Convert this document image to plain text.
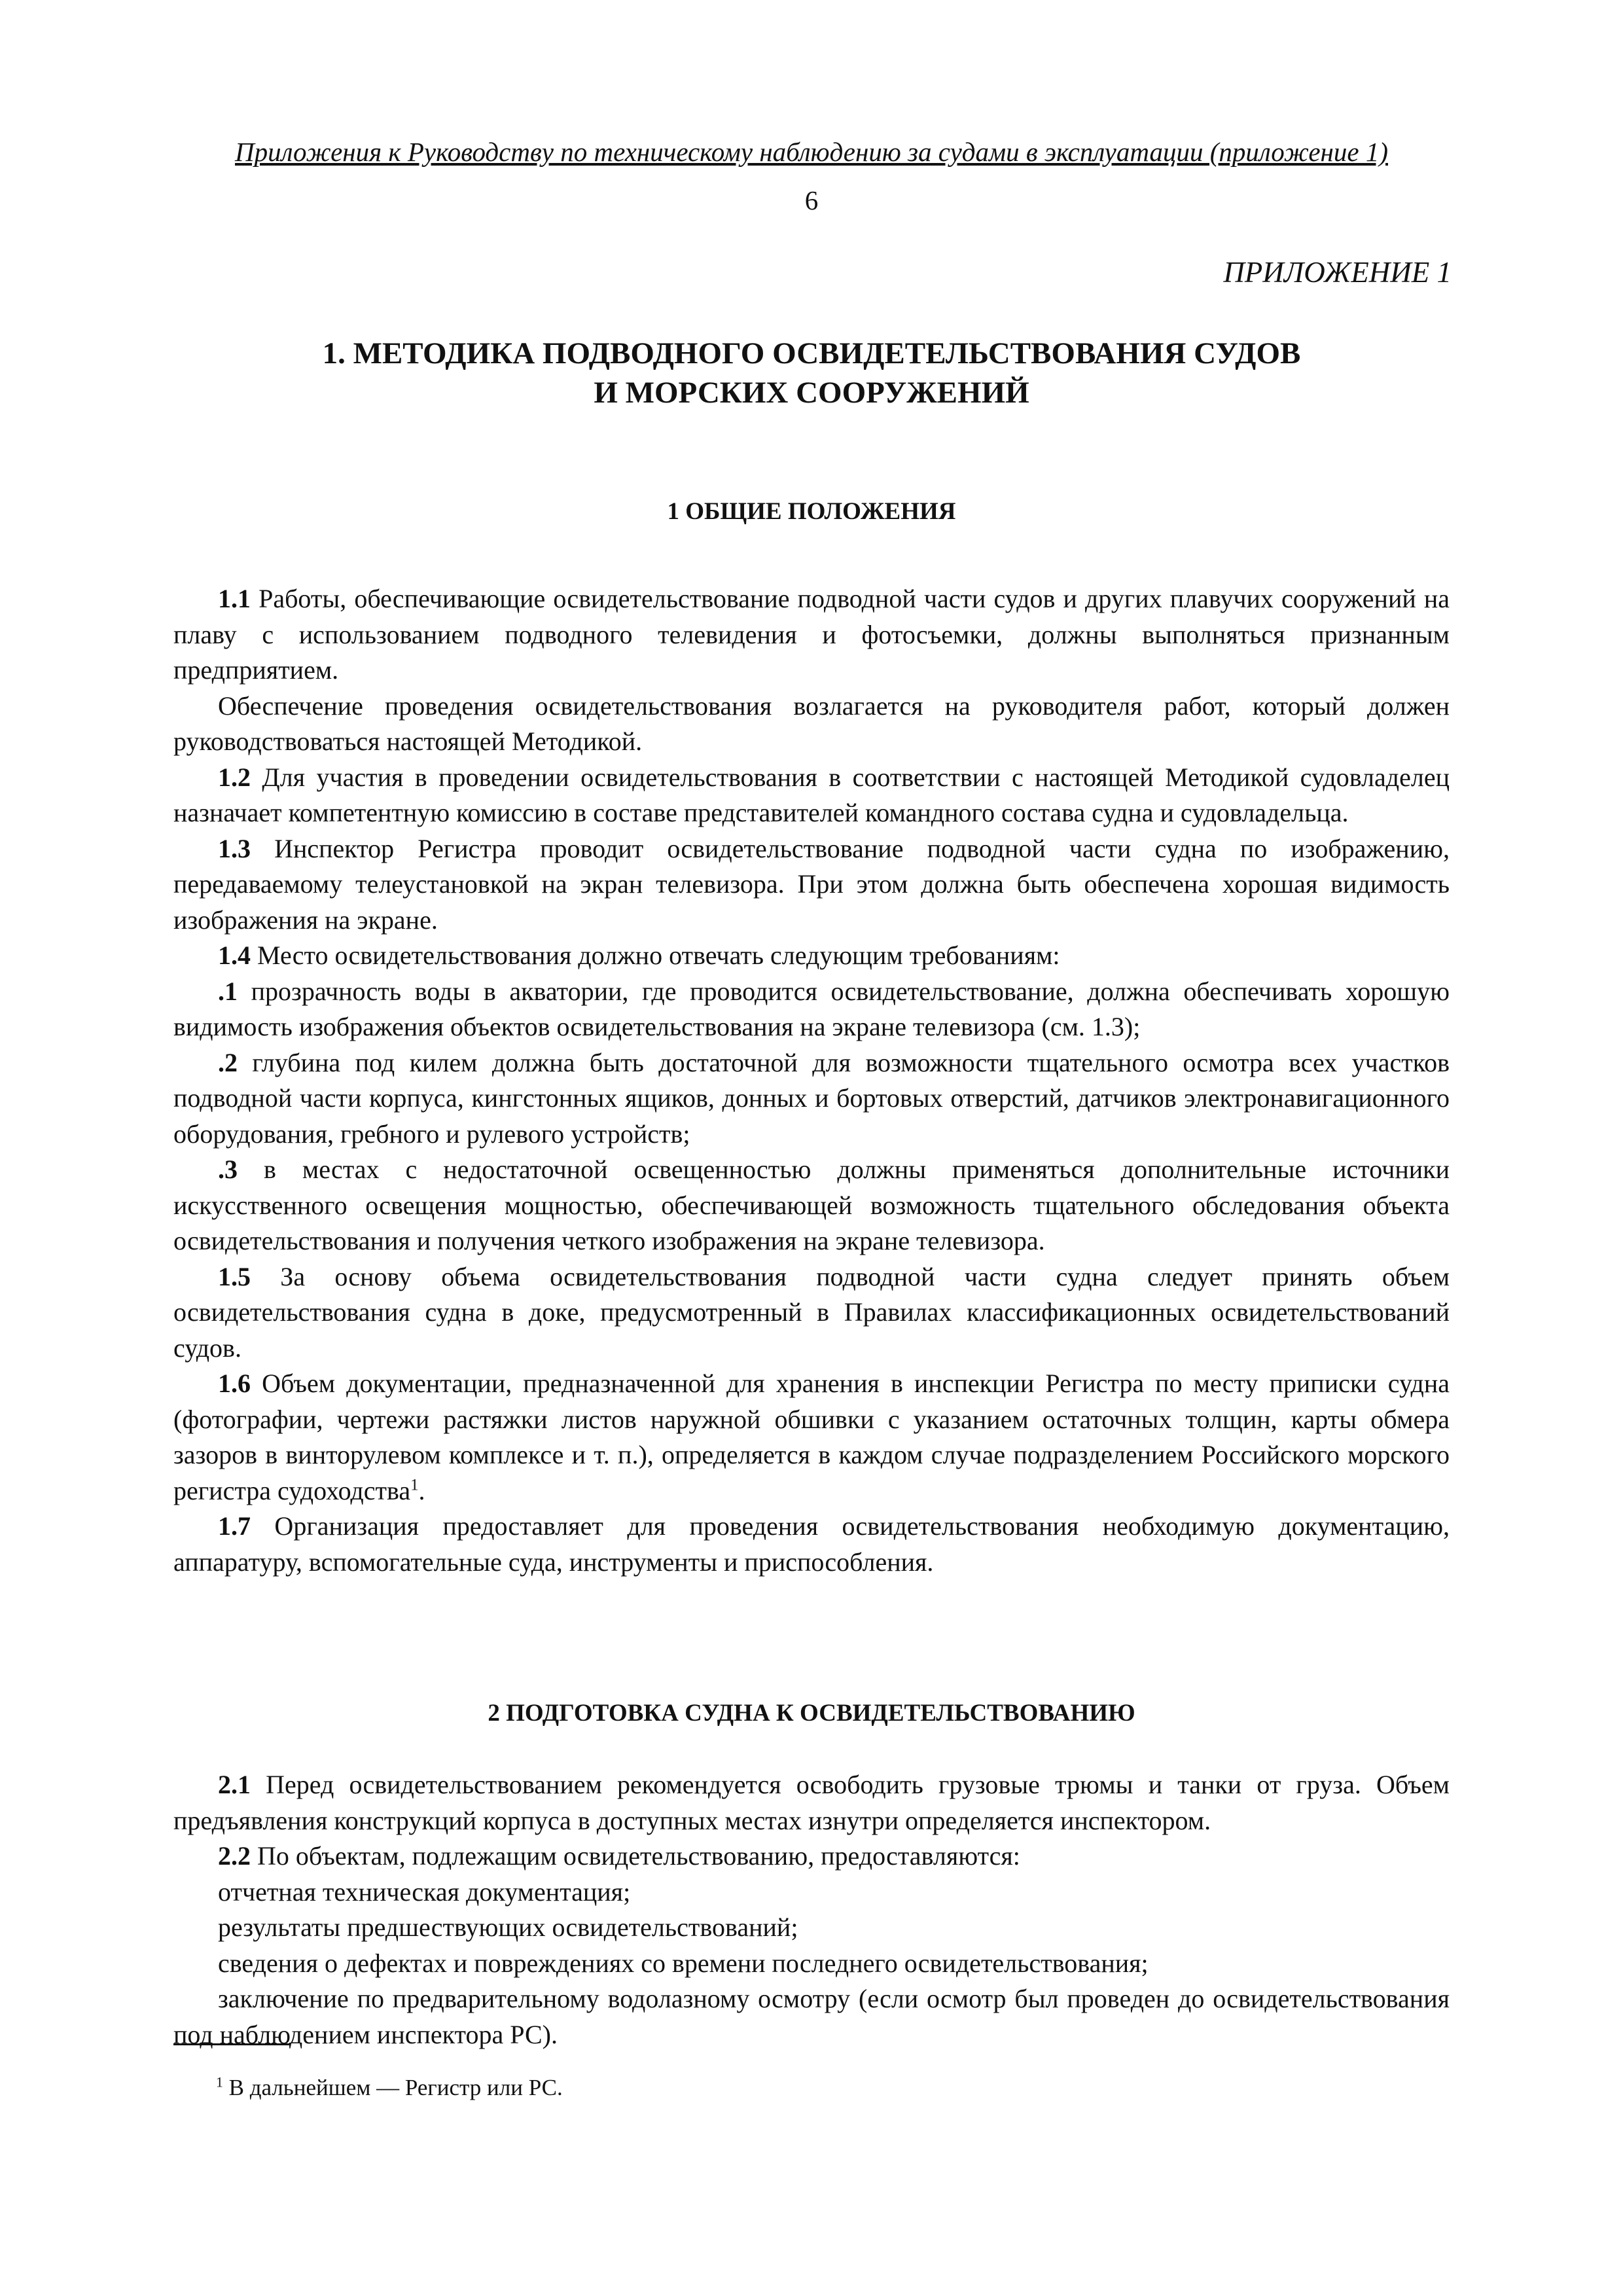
Приложения к Руководству по техническому наблюдению за судами в эксплуатации (приложение 1)
6
ПРИЛОЖЕНИЕ 1
1. МЕТОДИКА ПОДВОДНОГО ОСВИДЕТЕЛЬСТВОВАНИЯ СУДОВ
И МОРСКИХ СООРУЖЕНИЙ
1 ОБЩИЕ ПОЛОЖЕНИЯ

1.1 Работы, обеспечивающие освидетельствование подводной части судов и других плавучих сооружений на плаву с использованием подводного телевидения и фотосъемки, должны выполняться признанным предприятием.

Обеспечение проведения освидетельствования возлагается на руководителя работ, который должен руководствоваться настоящей Методикой.

1.2 Для участия в проведении освидетельствования в соответствии с настоящей Методикой судовладелец назначает компетентную комиссию в составе представителей командного состава судна и судовладельца.

1.3 Инспектор Регистра проводит освидетельствование подводной части судна по изображению, передаваемому телеустановкой на экран телевизора. При этом должна быть обеспечена хорошая видимость изображения на экране.

1.4 Место освидетельствования должно отвечать следующим требованиям:

.1 прозрачность воды в акватории, где проводится освидетельствование, должна обеспечивать хорошую видимость изображения объектов освидетельствования на экране телевизора (см. 1.3);

.2 глубина под килем должна быть достаточной для возможности тщательного осмотра всех участков подводной части корпуса, кингстонных ящиков, донных и бортовых отверстий, датчиков электронавигационного оборудования, гребного и рулевого устройств;

.3 в местах с недостаточной освещенностью должны применяться дополнительные источники искусственного освещения мощностью, обеспечивающей возможность тщательного обследования объекта освидетельствования и получения четкого изображения на экране телевизора.

1.5 За основу объема освидетельствования подводной части судна следует принять объем освидетельствования судна в доке, предусмотренный в Правилах классификационных освидетельствований судов.

1.6 Объем документации, предназначенной для хранения в инспекции Регистра по месту приписки судна (фотографии, чертежи растяжки листов наружной обшивки с указанием остаточных толщин, карты обмера зазоров в винторулевом комплексе и т. п.), определяется в каждом случае подразделением Российского морского регистра судоходства$^1$.

1.7 Организация предоставляет для проведения освидетельствования необходимую документацию, аппаратуру, вспомогательные суда, инструменты и приспособления.

2 ПОДГОТОВКА СУДНА К ОСВИДЕТЕЛЬСТВОВАНИЮ

2.1 Перед освидетельствованием рекомендуется освободить грузовые трюмы и танки от груза. Объем предъявления конструкций корпуса в доступных местах изнутри определяется инспектором.

2.2 По объектам, подлежащим освидетельствованию, предоставляются:

отчетная техническая документация;

результаты предшествующих освидетельствований;

сведения о дефектах и повреждениях со времени последнего освидетельствования;

заключение по предварительному водолазному осмотру (если осмотр был проведен до освидетельствования под наблюдением инспектора РС).

$^1$ В дальнейшем — Регистр или РС.
